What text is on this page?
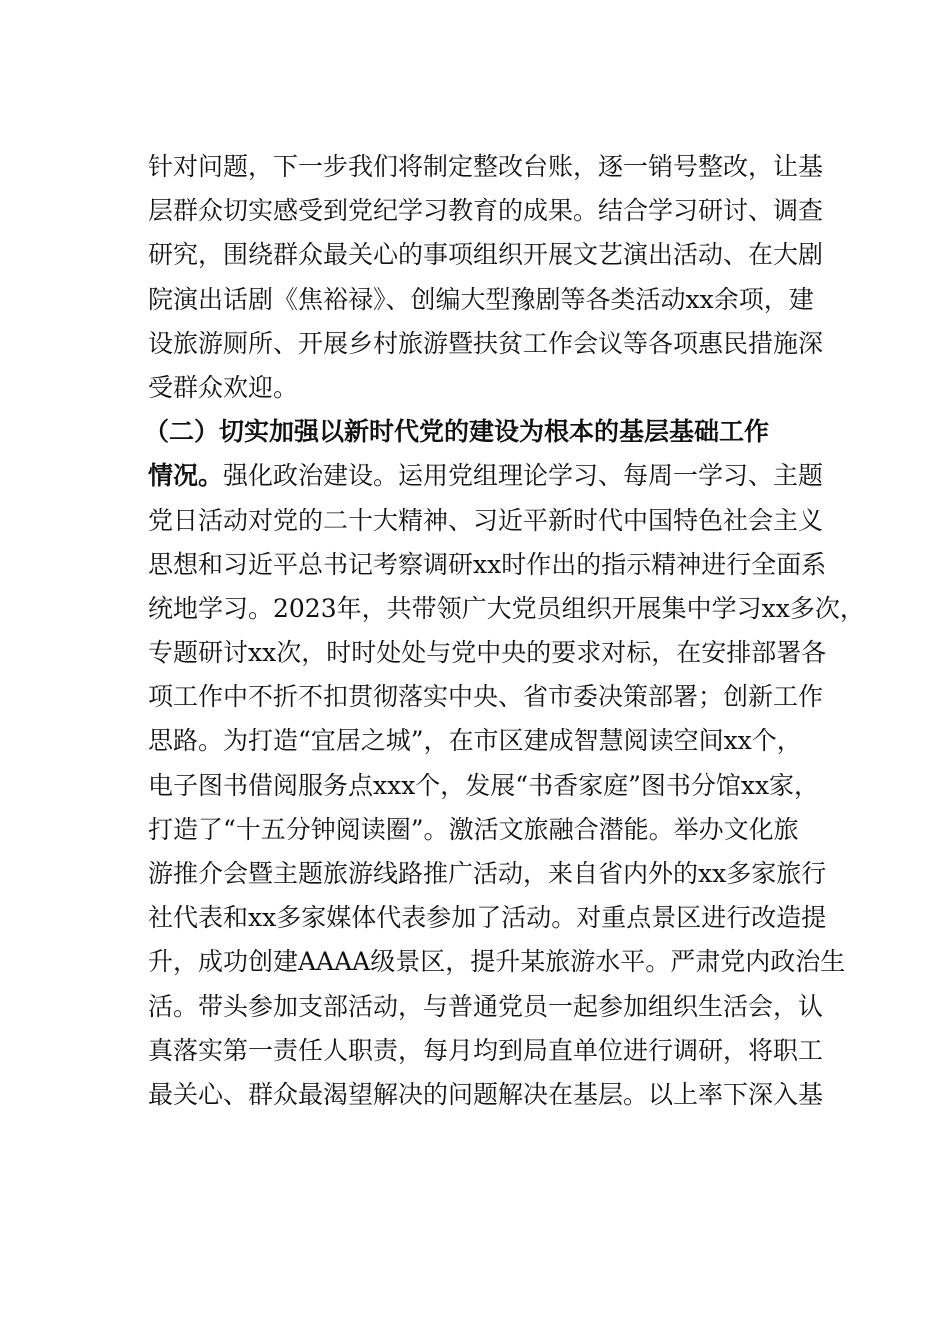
针对问题，下一步我们将制定整改台账，逐一销号整改，让基
层群众切实感受到党纪学习教育的成果。结合学习研讨、调查
研究，围绕群众最关心的事项组织开展文艺演出活动、在大剧
院演出话剧《焦裕禄》、创编大型豫剧等各类活动xx余项，建
设旅游厕所、开展乡村旅游暨扶贫工作会议等各项惠民措施深
受群众欢迎。
（二）切实加强以新时代党的建设为根本的基层基础工作
情况。强化政治建设。运用党组理论学习、每周一学习、主题
党日活动对党的二十大精神、习近平新时代中国特色社会主义
思想和习近平总书记考察调研xx时作出的指示精神进行全面系
统地学习。2023年，共带领广大党员组织开展集中学习xx多次，
专题研讨xx次，时时处处与党中央的要求对标，在安排部署各
项工作中不折不扣贯彻落实中央、省市委决策部署；创新工作
思路。为打造“宜居之城”，在市区建成智慧阅读空间xx个，
电子图书借阅服务点xxx个，发展“书香家庭”图书分馆xx家，
打造了“十五分钟阅读圈”。激活文旅融合潜能。举办文化旅
游推介会暨主题旅游线路推广活动，来自省内外的xx多家旅行
社代表和xx多家媒体代表参加了活动。对重点景区进行改造提
升，成功创建AAAA级景区，提升某旅游水平。严肃党内政治生
活。带头参加支部活动，与普通党员一起参加组织生活会，认
真落实第一责任人职责，每月均到局直单位进行调研，将职工
最关心、群众最渴望解决的问题解决在基层。以上率下深入基
